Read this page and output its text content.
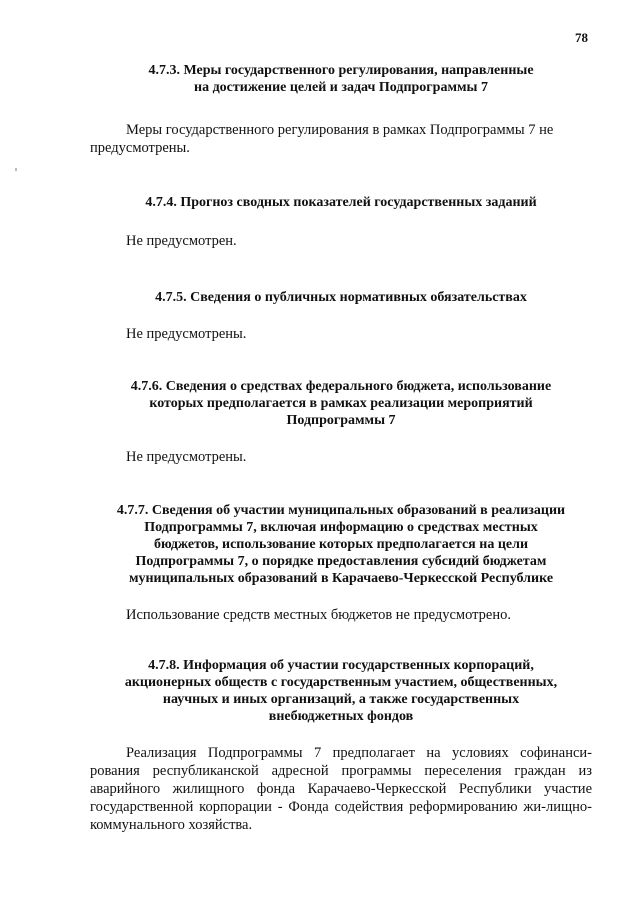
78

4.7.3. Меры государственного регулирования, направленные
на достижение целей и задач Подпрограммы 7

Меры государственного регулирования в рамках Подпрограммы 7 не предусмотрены.

4.7.4. Прогноз сводных показателей государственных заданий

Не предусмотрен.

4.7.5. Сведения о публичных нормативных обязательствах

Не предусмотрены.

4.7.6. Сведения о средствах федерального бюджета, использование
которых предполагается в рамках реализации мероприятий
Подпрограммы 7

Не предусмотрены.

4.7.7. Сведения об участии муниципальных образований в реализации
Подпрограммы 7, включая информацию о средствах местных
бюджетов, использование которых предполагается на цели
Подпрограммы 7, о порядке предоставления субсидий бюджетам
муниципальных образований в Карачаево-Черкесской Республике

Использование средств местных бюджетов не предусмотрено.

4.7.8. Информация об участии государственных корпораций,
акционерных обществ с государственным участием, общественных,
научных и иных организаций, а также государственных
внебюджетных фондов

Реализация Подпрограммы 7 предполагает на условиях софинанси-рования республиканской адресной программы переселения граждан из аварийного жилищного фонда Карачаево-Черкесской Республики участие государственной корпорации - Фонда содействия реформированию жи-лищно-коммунального хозяйства.
